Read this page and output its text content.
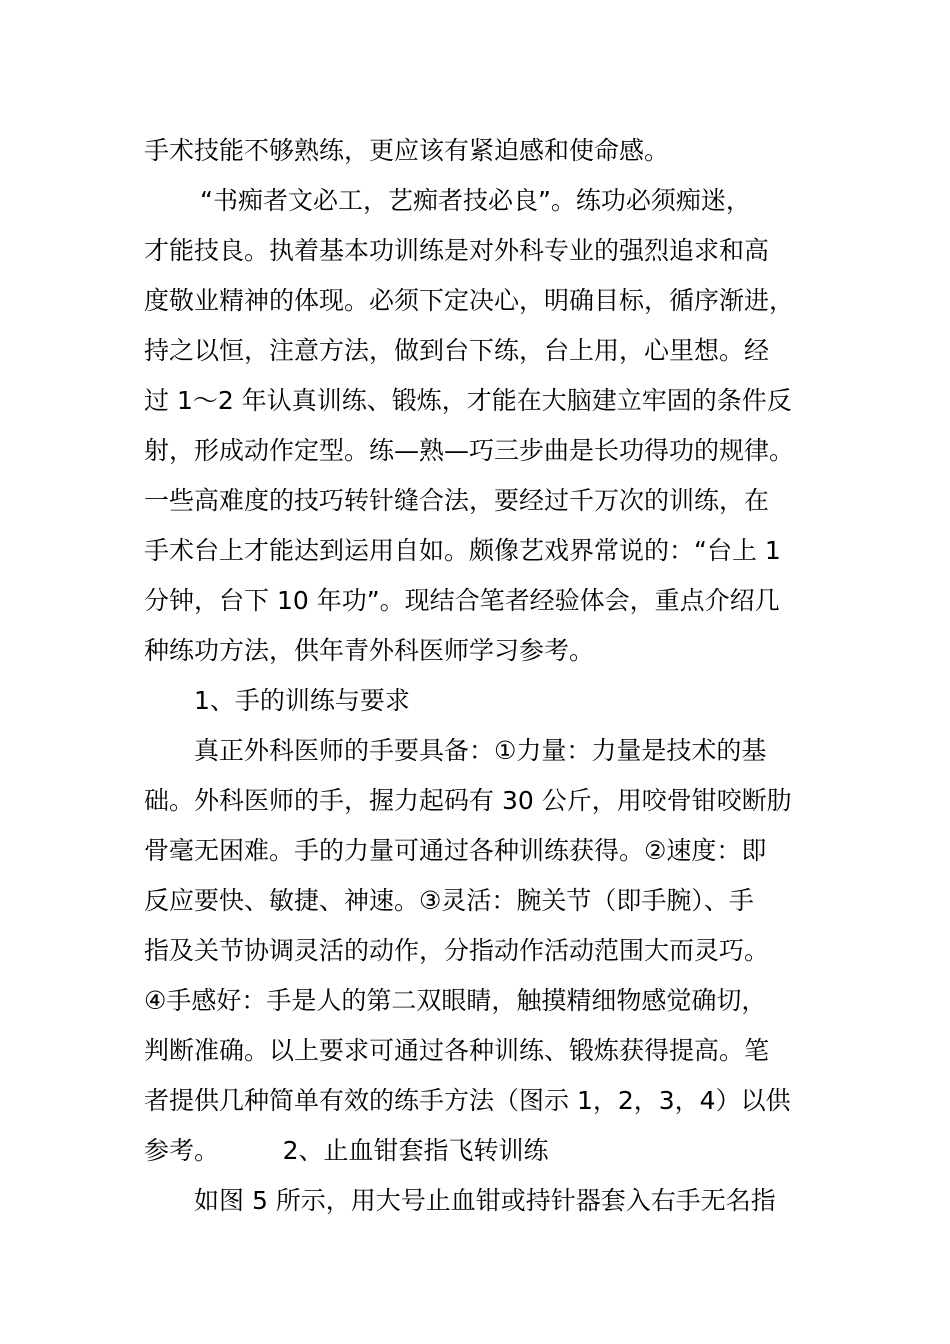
手术技能不够熟练，更应该有紧迫感和使命感。
“书痴者文必工，艺痴者技必良”。练功必须痴迷，
才能技良。执着基本功训练是对外科专业的强烈追求和高
度敬业精神的体现。必须下定决心，明确目标，循序渐进，
持之以恒，注意方法，做到台下练，台上用，心里想。经
过 1～2 年认真训练、锻炼，才能在大脑建立牢固的条件反
射，形成动作定型。练—熟—巧三步曲是长功得功的规律。
一些高难度的技巧转针缝合法，要经过千万次的训练，在
手术台上才能达到运用自如。颇像艺戏界常说的：“台上 1
分钟，台下 10 年功”。现结合笔者经验体会，重点介绍几
种练功方法，供年青外科医师学习参考。
1、手的训练与要求
真正外科医师的手要具备：①力量：力量是技术的基
础。外科医师的手，握力起码有 30 公斤，用咬骨钳咬断肋
骨毫无困难。手的力量可通过各种训练获得。②速度：即
反应要快、敏捷、神速。③灵活：腕关节（即手腕）、手
指及关节协调灵活的动作，分指动作活动范围大而灵巧。
④手感好：手是人的第二双眼睛，触摸精细物感觉确切，
判断准确。以上要求可通过各种训练、锻炼获得提高。笔
者提供几种简单有效的练手方法（图示 1，2，3，4）以供
参考。        2、止血钳套指飞转训练
如图 5 所示，用大号止血钳或持针器套入右手无名指
